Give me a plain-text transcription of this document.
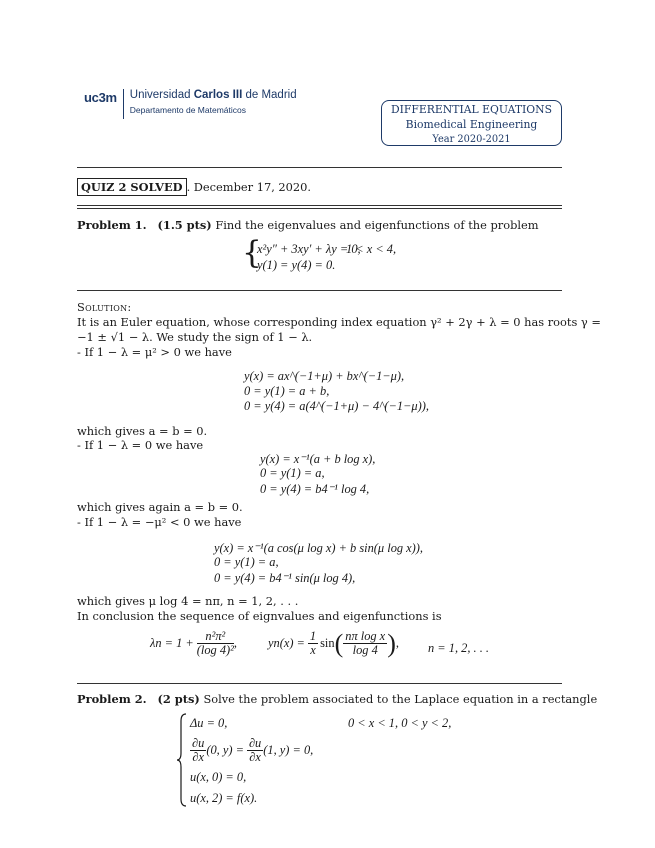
uc3m Universidad Carlos III de Madrid
Departamento de Matemáticos	DIFFERENTIAL EQUATIONS
Biomedical Engineering
Year 2020-2021
QUIZ 2 SOLVED . December 17, 2020.
Problem 1. (1.5 pts) Find the eigenvalues and eigenfunctions of the problem
{
x²y″ + 3xy′ + λy = 0,
1 < x < 4,
y(1) = y(4) = 0.
Solution:
It is an Euler equation, whose corresponding index equation γ² + 2γ + λ = 0 has roots γ =
−1 ± √1 − λ. We study the sign of 1 − λ.
- If 1 − λ = μ² > 0 we have
y(x) = ax^(−1+μ) + bx^(−1−μ),
0 = y(1) = a + b,
0 = y(4) = a(4^(−1+μ) − 4^(−1−μ)),
which gives a = b = 0.
- If 1 − λ = 0 we have
y(x) = x⁻¹(a + b log x),
0 = y(1) = a,
0 = y(4) = b4⁻¹ log 4,
which gives again a = b = 0.
- If 1 − λ = −μ² < 0 we have
y(x) = x⁻¹(a cos(μ log x) + b sin(μ log x)),
0 = y(1) = a,
0 = y(4) = b4⁻¹ sin(μ log 4),
which gives μ log 4 = nπ, n = 1, 2, . . .
In conclusion the sequence of eignvalues and eigenfunctions is
$\lambda n = 1 + \frac{\text{n²π²}}{\text{(log 4)²}}$ ,	$yn(x) = \frac{1}{x}$ sin ( $\frac{\text{nπ log x}}{\log 4}$ ) , n = 1, 2, . . .
Problem 2. (2 pts) Solve the problem associated to the Laplace equation in a rectangle
Δu = 0,	0 < x < 1, 0 < y < 2,
$\frac{\partial u}{\partial x} (0$, $y) = \frac{\partial u}{\partial x} (1$, y) = 0,
u(x, 0) = 0,
u(x, 2) = f(x).
